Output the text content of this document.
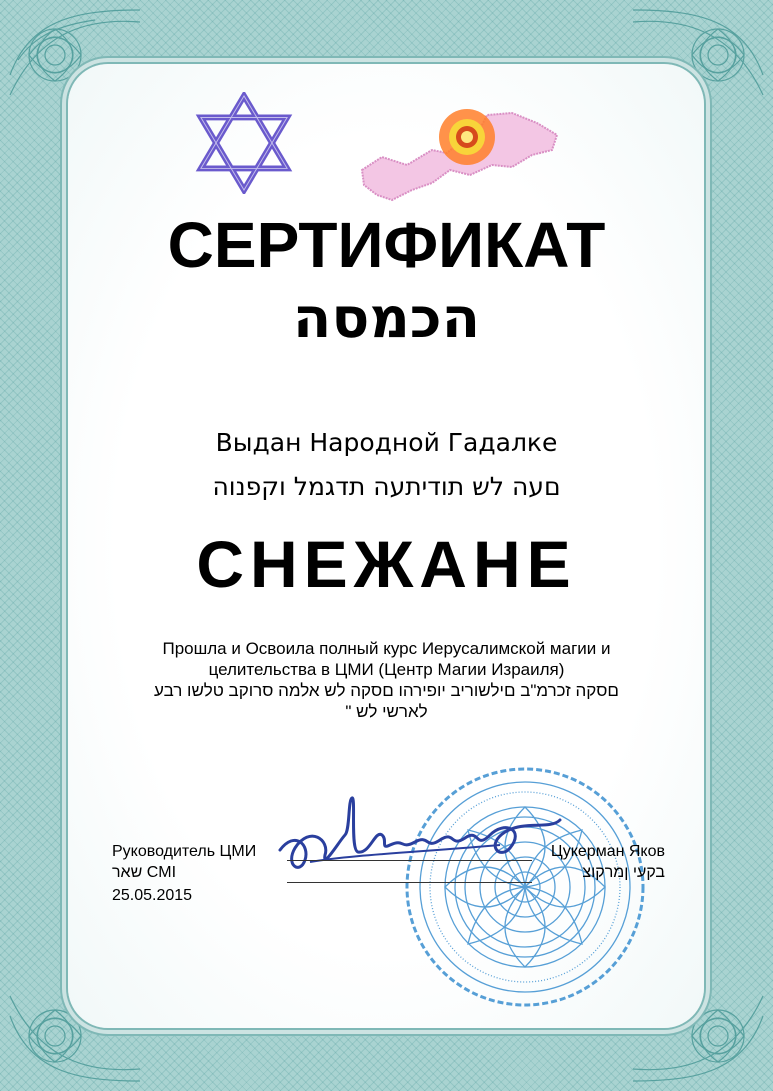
СЕРТИФИКАТ
הכמסה
Выдан Народной Гадалке
םעה לש תודיתעה תדגמל וקפנוה
СНЕЖАНЕ
Прошла и Освоила полный курс Иерусалимской магии и
целительства в ЦМИ (Центр Магии Израиля)
םסקה זכרמ"ב םילשוריב יופירהו םסקה לש אלמה סרוקב טלשו רבע
" לארשי לש
Руководитель ЦМИ
שאר CMI
25.05.2015
Цукерман Яков
בקעי ןמרקוצ
